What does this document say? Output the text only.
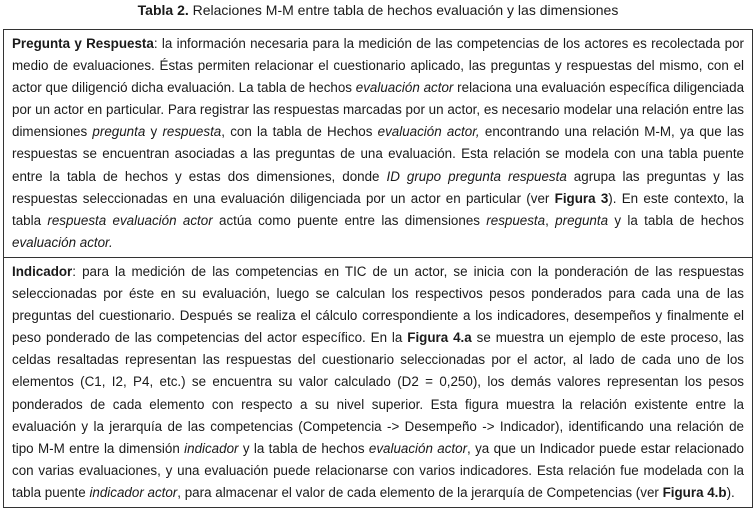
Tabla 2. Relaciones M-M entre tabla de hechos evaluación y las dimensiones
Pregunta y Respuesta: la información necesaria para la medición de las competencias de los actores es recolectada por medio de evaluaciones. Éstas permiten relacionar el cuestionario aplicado, las preguntas y respuestas del mismo, con el actor que diligenció dicha evaluación. La tabla de hechos evaluación actor relaciona una evaluación específica diligenciada por un actor en particular. Para registrar las respuestas marcadas por un actor, es necesario modelar una relación entre las dimensiones pregunta y respuesta, con la tabla de Hechos evaluación actor, encontrando una relación M-M, ya que las respuestas se encuentran asociadas a las preguntas de una evaluación. Esta relación se modela con una tabla puente entre la tabla de hechos y estas dos dimensiones, donde ID grupo pregunta respuesta agrupa las preguntas y las respuestas seleccionadas en una evaluación diligenciada por un actor en particular (ver Figura 3). En este contexto, la tabla respuesta evaluación actor actúa como puente entre las dimensiones respuesta, pregunta y la tabla de hechos evaluación actor.
Indicador: para la medición de las competencias en TIC de un actor, se inicia con la ponderación de las respuestas seleccionadas por éste en su evaluación, luego se calculan los respectivos pesos ponderados para cada una de las preguntas del cuestionario. Después se realiza el cálculo correspondiente a los indicadores, desempeños y finalmente el peso ponderado de las competencias del actor específico. En la Figura 4.a se muestra un ejemplo de este proceso, las celdas resaltadas representan las respuestas del cuestionario seleccionadas por el actor, al lado de cada uno de los elementos (C1, I2, P4, etc.) se encuentra su valor calculado (D2 = 0,250), los demás valores representan los pesos ponderados de cada elemento con respecto a su nivel superior. Esta figura muestra la relación existente entre la evaluación y la jerarquía de las competencias (Competencia -> Desempeño -> Indicador), identificando una relación de tipo M-M entre la dimensión indicador y la tabla de hechos evaluación actor, ya que un Indicador puede estar relacionado con varias evaluaciones, y una evaluación puede relacionarse con varios indicadores. Esta relación fue modelada con la tabla puente indicador actor, para almacenar el valor de cada elemento de la jerarquía de Competencias (ver Figura 4.b).
